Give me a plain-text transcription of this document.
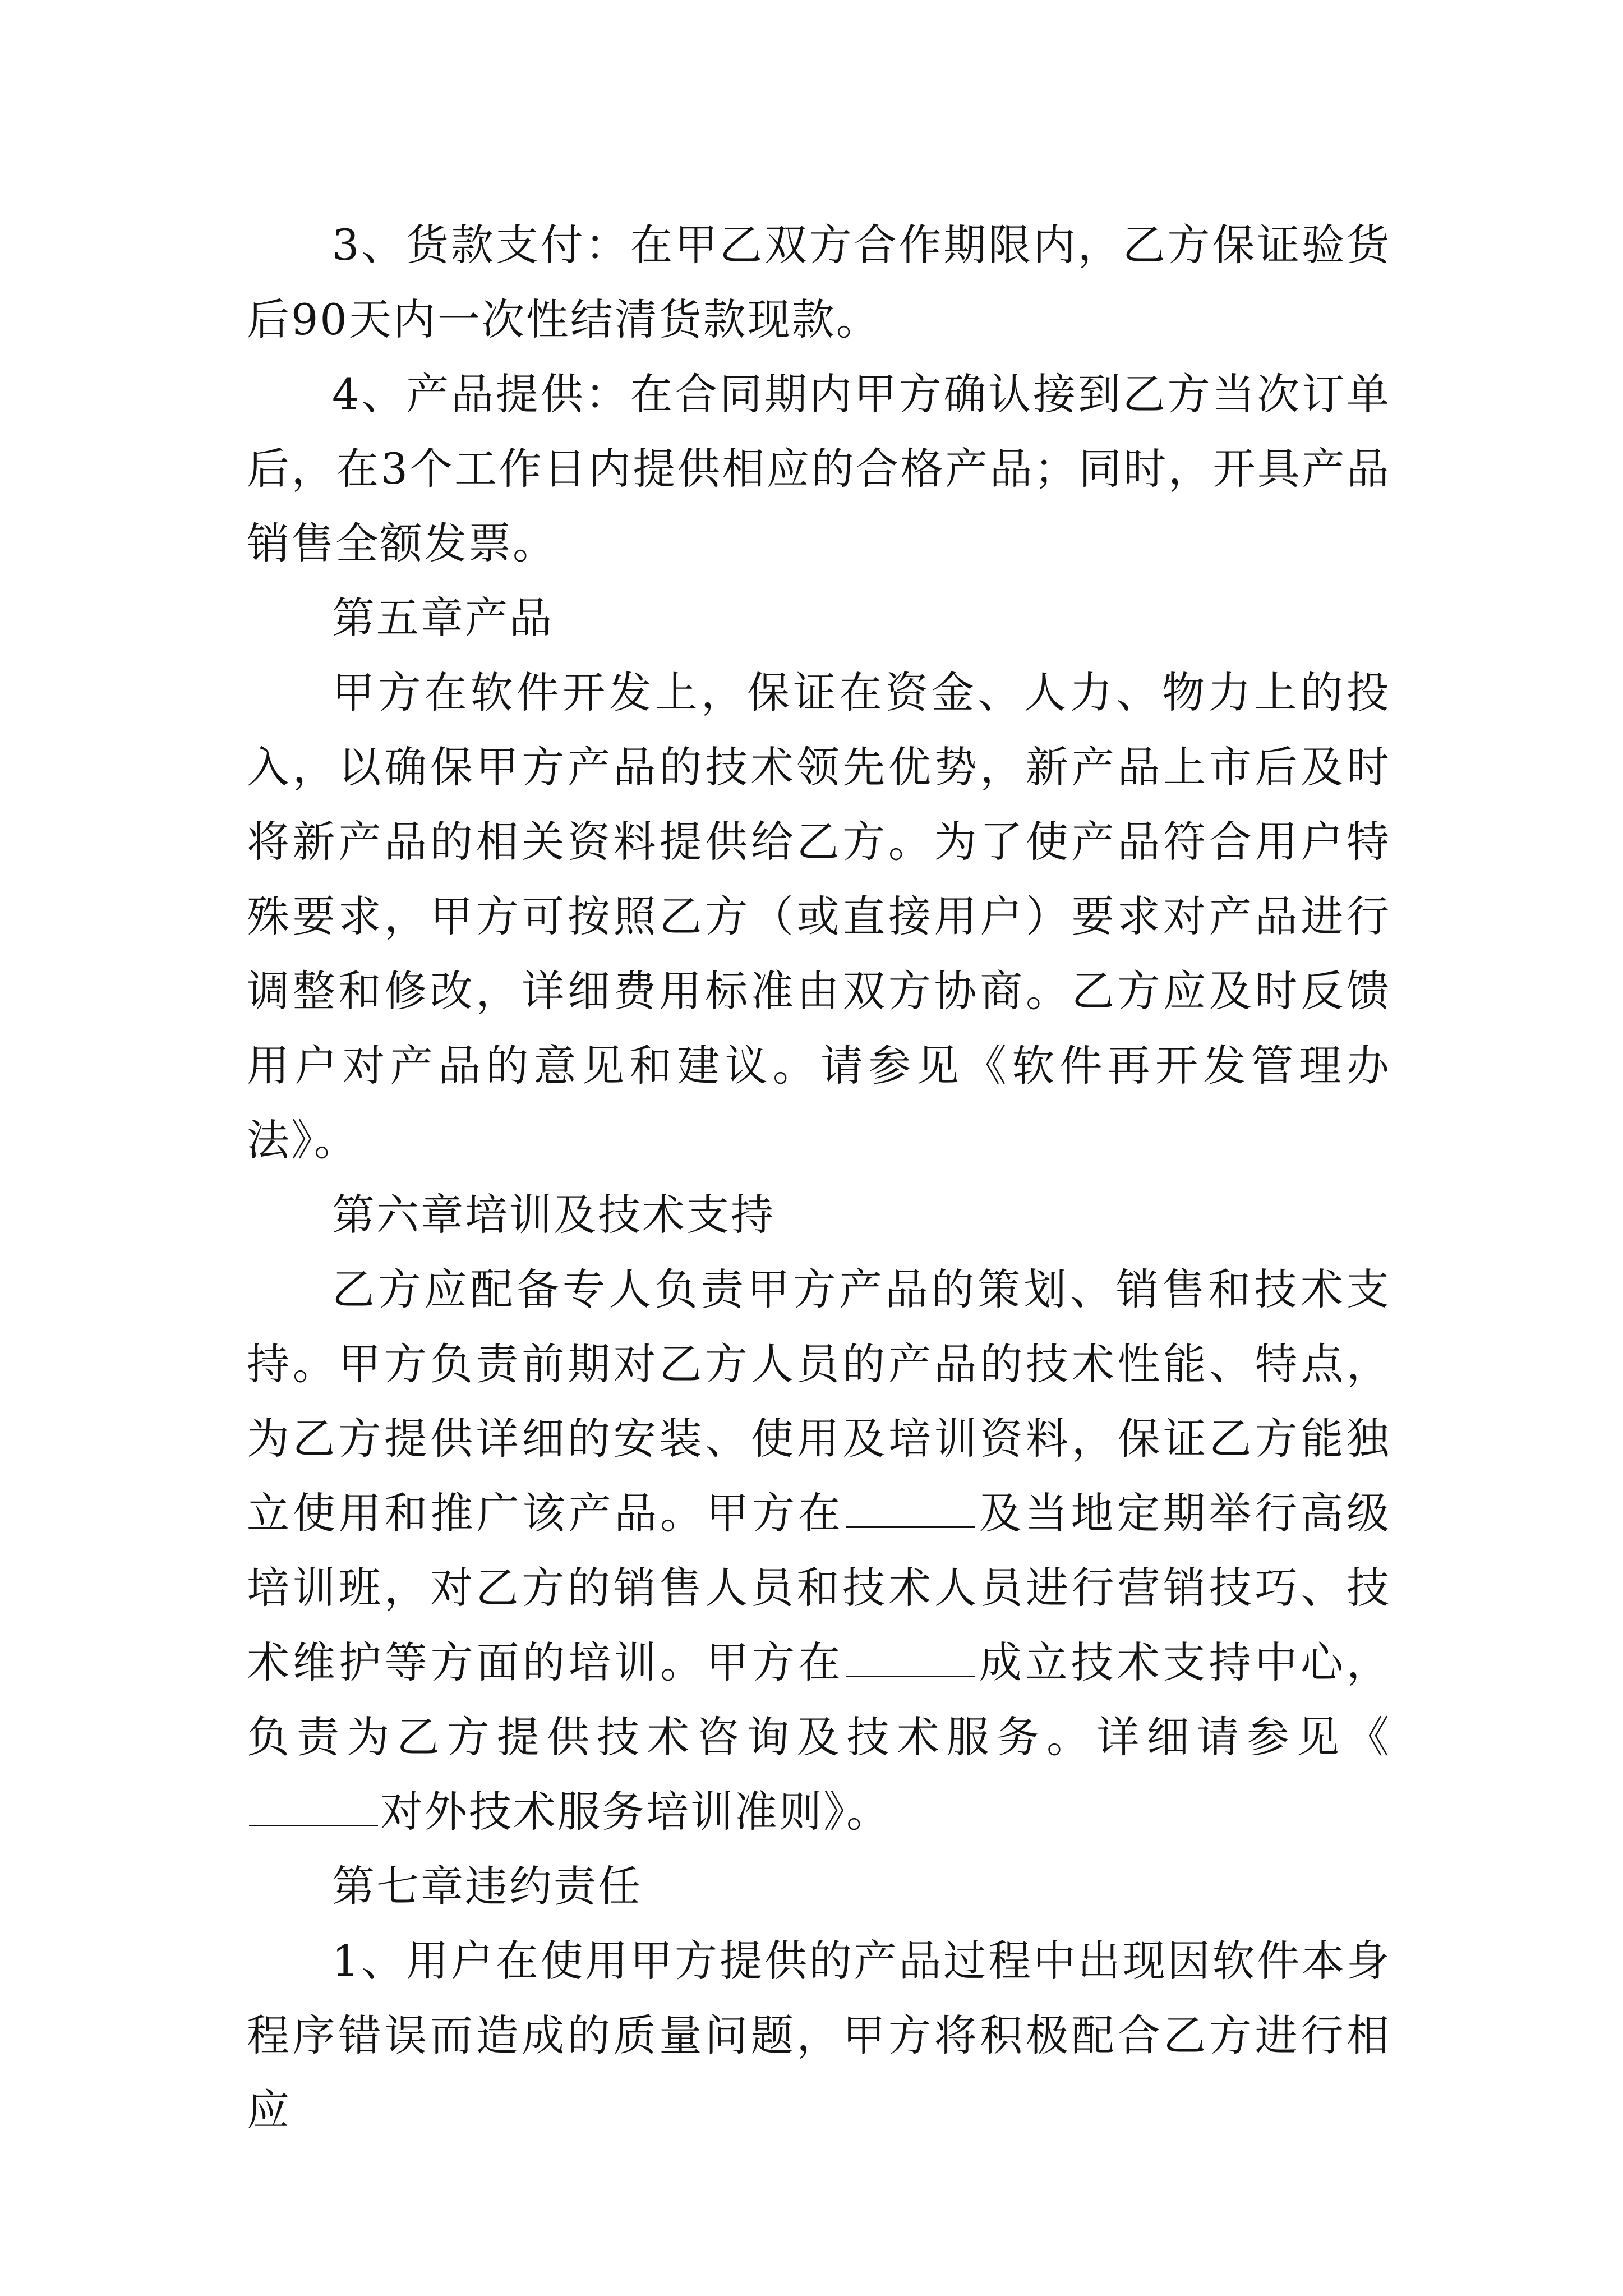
3、货款支付：在甲乙双方合作期限内，乙方保证验货后90天内一次性结清货款现款。

4、产品提供：在合同期内甲方确认接到乙方当次订单后，在3个工作日内提供相应的合格产品；同时，开具产品销售全额发票。

第五章产品

甲方在软件开发上，保证在资金、人力、物力上的投入，以确保甲方产品的技术领先优势，新产品上市后及时将新产品的相关资料提供给乙方。为了使产品符合用户特殊要求，甲方可按照乙方（或直接用户）要求对产品进行调整和修改，详细费用标准由双方协商。乙方应及时反馈用户对产品的意见和建议。请参见《软件再开发管理办法》。

第六章培训及技术支持

乙方应配备专人负责甲方产品的策划、销售和技术支持。甲方负责前期对乙方人员的产品的技术性能、特点，为乙方提供详细的安装、使用及培训资料，保证乙方能独立使用和推广该产品。甲方在	及当地定期举行高级培训班，对乙方的销售人员和技术人员进行营销技巧、技术维护等方面的培训。甲方在	成立技术支持中心，负责为乙方提供技术咨询及技术服务。详细请参见《对外技术服务培训准则》。

第七章违约责任

1、用户在使用甲方提供的产品过程中出现因软件本身程序错误而造成的质量问题，甲方将积极配合乙方进行相应
